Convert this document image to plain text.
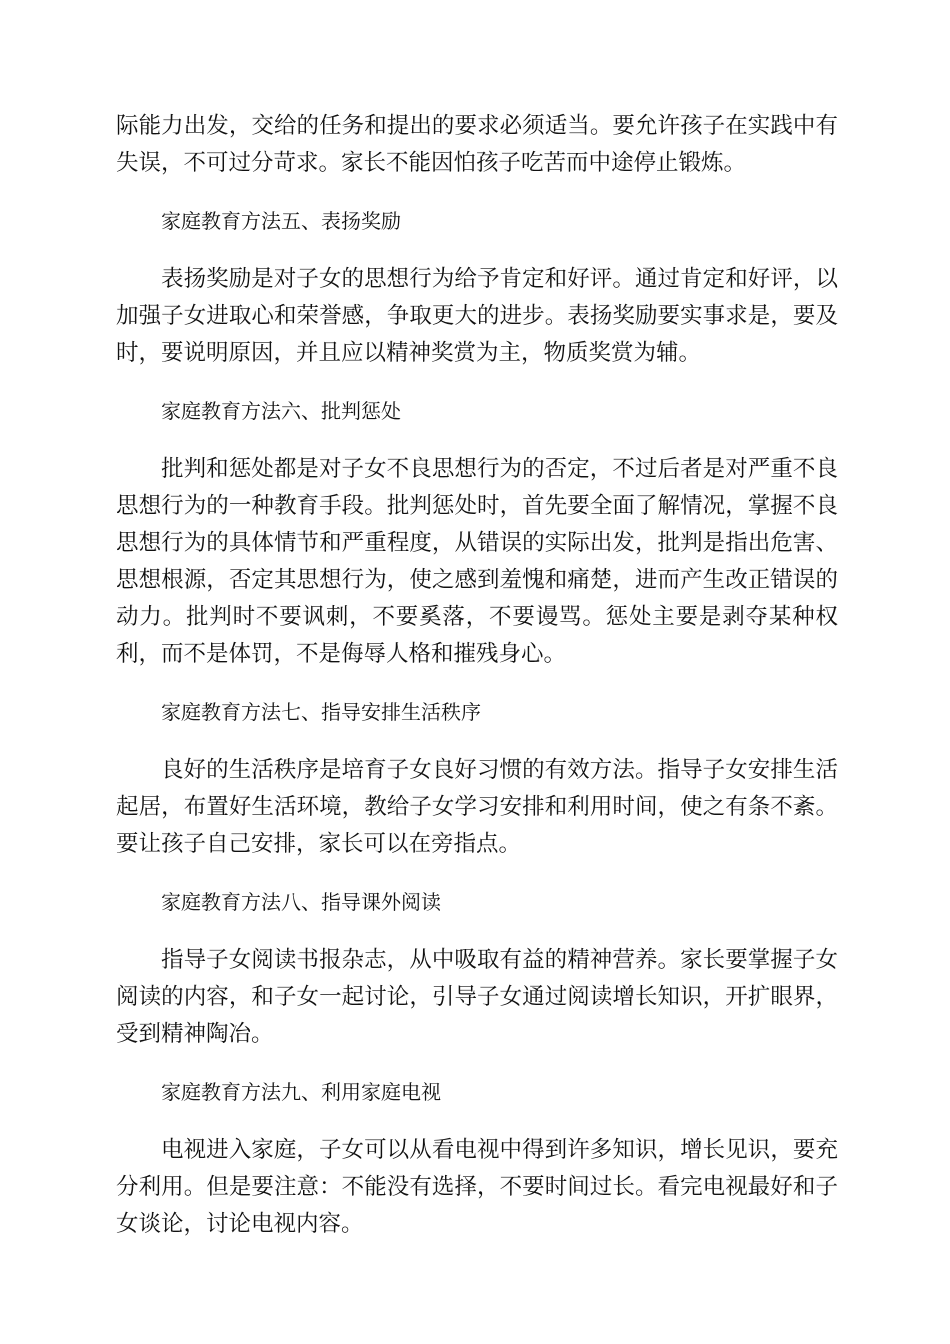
际能力出发，交给的任务和提出的要求必须适当。要允许孩子在实践中有失误，不可过分苛求。家长不能因怕孩子吃苦而中途停止锻炼。

家庭教育方法五、表扬奖励

表扬奖励是对子女的思想行为给予肯定和好评。通过肯定和好评，以加强子女进取心和荣誉感，争取更大的进步。表扬奖励要实事求是，要及时，要说明原因，并且应以精神奖赏为主，物质奖赏为辅。

家庭教育方法六、批判惩处

批判和惩处都是对子女不良思想行为的否定，不过后者是对严重不良思想行为的一种教育手段。批判惩处时，首先要全面了解情况，掌握不良思想行为的具体情节和严重程度，从错误的实际出发，批判是指出危害、思想根源，否定其思想行为，使之感到羞愧和痛楚，进而产生改正错误的动力。批判时不要讽刺，不要奚落，不要谩骂。惩处主要是剥夺某种权利，而不是体罚，不是侮辱人格和摧残身心。

家庭教育方法七、指导安排生活秩序

良好的生活秩序是培育子女良好习惯的有效方法。指导子女安排生活起居，布置好生活环境，教给子女学习安排和利用时间，使之有条不紊。要让孩子自己安排，家长可以在旁指点。

家庭教育方法八、指导课外阅读

指导子女阅读书报杂志，从中吸取有益的精神营养。家长要掌握子女阅读的内容，和子女一起讨论，引导子女通过阅读增长知识，开扩眼界，受到精神陶冶。

家庭教育方法九、利用家庭电视

电视进入家庭，子女可以从看电视中得到许多知识，增长见识，要充分利用。但是要注意：不能没有选择，不要时间过长。看完电视最好和子女谈论，讨论电视内容。
